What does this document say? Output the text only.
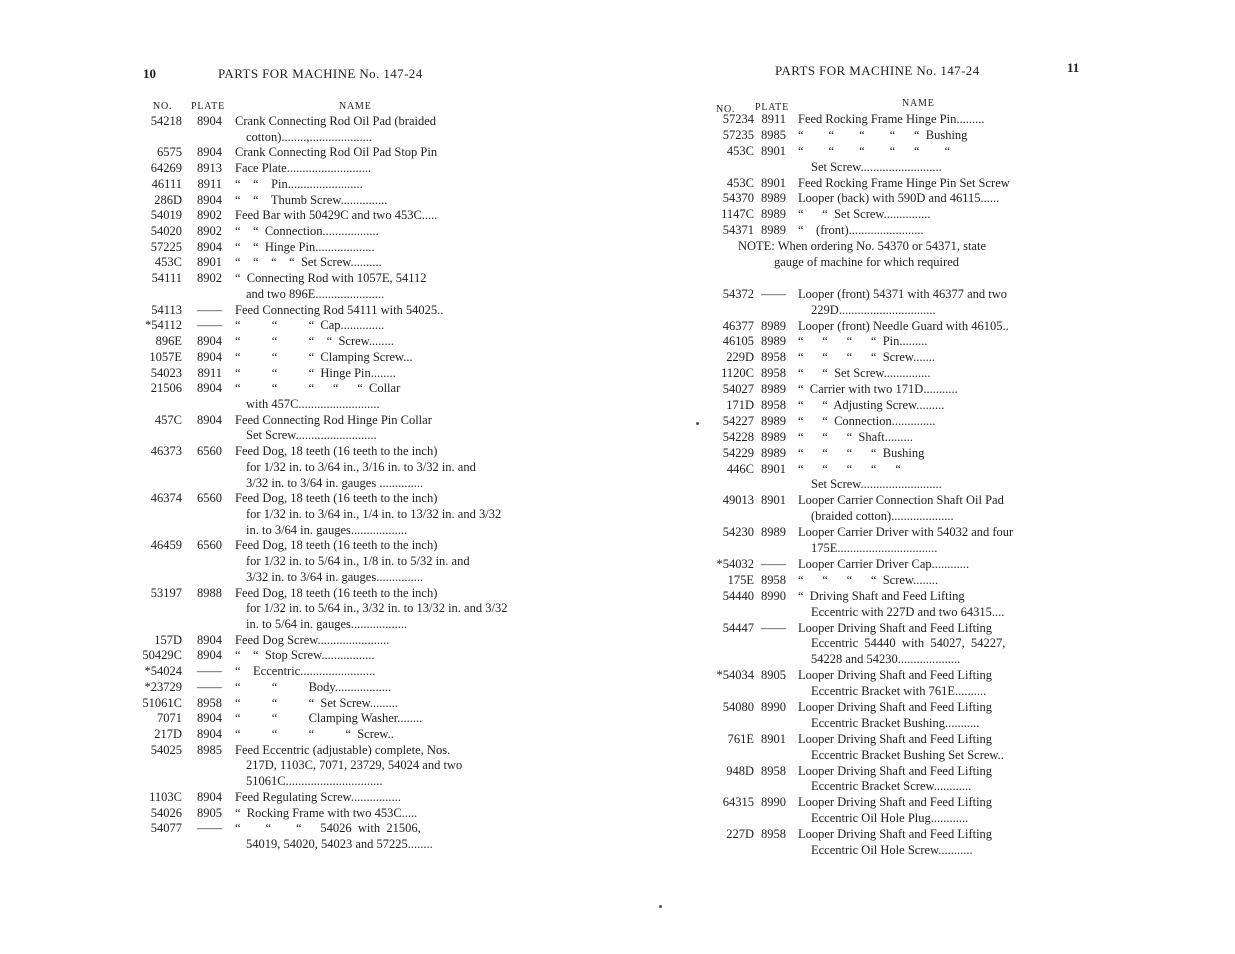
10	PARTS FOR MACHINE No. 147-24
NO. PLATE	NAME
54218 8904 Crank Connecting Rod Oil Pad (braided
cotton)........,....................
6575 8904 Crank Connecting Rod Oil Pad Stop Pin
64269 8913 Face Plate...........................
46111 8911 “    “    Pin........................
286D 8904 “    “    Thumb Screw...............
54019 8902 Feed Bar with 50429C and two 453C.....
54020 8902 “    “  Connection..................
57225 8904 “    “  Hinge Pin...................
453C 8901 “    “    “    “  Set Screw..........
54111 8902 “  Connecting Rod with 1057E, 54112
and two 896E......................
54113 —— Feed Connecting Rod 54111 with 54025..
*54112 —— “          “          “  Cap..............
896E 8904 “          “          “    “  Screw........
1057E 8904 “          “          “  Clamping Screw...
54023 8911 “          “          “  Hinge Pin........
21506 8904 “          “          “      “      “  Collar
with 457C..........................
457C 8904 Feed Connecting Rod Hinge Pin Collar
Set Screw..........................
46373 6560 Feed Dog, 18 teeth (16 teeth to the inch)
for 1/32 in. to 3/64 in., 3/16 in. to 3/32 in. and
3/32 in. to 3/64 in. gauges ..............
46374 6560 Feed Dog, 18 teeth (16 teeth to the inch)
for 1/32 in. to 3/64 in., 1/4 in. to 13/32 in. and 3/32
in. to 3/64 in. gauges..................
46459 6560 Feed Dog, 18 teeth (16 teeth to the inch)
for 1/32 in. to 5/64 in., 1/8 in. to 5/32 in. and
3/32 in. to 3/64 in. gauges...............
53197 8988 Feed Dog, 18 teeth (16 teeth to the inch)
for 1/32 in. to 5/64 in., 3/32 in. to 13/32 in. and 3/32
in. to 5/64 in. gauges..................
157D 8904 Feed Dog Screw.......................
50429C 8904 “    “  Stop Screw.................
*54024 —— “    Eccentric........................
*23729 —— “          “          Body..................
51061C 8958 “          “          “  Set Screw.........
7071 8904 “          “          Clamping Washer........
217D 8904 “          “          “          “  Screw..
54025 8985 Feed Eccentric (adjustable) complete, Nos.
217D, 1103C, 7071, 23729, 54024 and two
51061C...............................
1103C 8904 Feed Regulating Screw................
54026 8905 “  Rocking Frame with two 453C.....
54077 —— “        “        “      54026  with  21506,
54019, 54020, 54023 and 57225........
11
PARTS FOR MACHINE No. 147-24
NO. PLATE	NAME
57234 8911 Feed Rocking Frame Hinge Pin.........
57235 8985 “        “        “        “      “  Bushing
453C 8901 “        “        “        “      “        “
Set Screw..........................
453C 8901 Feed Rocking Frame Hinge Pin Set Screw
54370 8989 Looper (back) with 590D and 46115......
1147C 8989 “      “  Set Screw...............
54371 8989 “    (front)........................
NOTE: When ordering No. 54370 or 54371, state
gauge of machine for which required
54372 —— Looper (front) 54371 with 46377 and two
229D...............................
46377 8989 Looper (front) Needle Guard with 46105..
46105 8989 “      “      “      “  Pin.........
229D 8958 “      “      “      “  Screw.......
1120C 8958 “      “  Set Screw...............
54027 8989 “  Carrier with two 171D...........
171D 8958 “      “  Adjusting Screw.........
54227 8989 “      “  Connection..............
54228 8989 “      “      “  Shaft.........
54229 8989 “      “      “      “  Bushing
446C 8901 “      “      “      “      “
Set Screw..........................
49013 8901 Looper Carrier Connection Shaft Oil Pad
(braided cotton)....................
54230 8989 Looper Carrier Driver with 54032 and four
175E................................
*54032 —— Looper Carrier Driver Cap............
175E 8958 “      “      “      “  Screw........
54440 8990 “  Driving Shaft and Feed Lifting
Eccentric with 227D and two 64315....
54447 —— Looper Driving Shaft and Feed Lifting
Eccentric  54440  with  54027,  54227,
54228 and 54230....................
*54034 8905 Looper Driving Shaft and Feed Lifting
Eccentric Bracket with 761E..........
54080 8990 Looper Driving Shaft and Feed Lifting
Eccentric Bracket Bushing...........
761E 8901 Looper Driving Shaft and Feed Lifting
Eccentric Bracket Bushing Set Screw..
948D 8958 Looper Driving Shaft and Feed Lifting
Eccentric Bracket Screw............
64315 8990 Looper Driving Shaft and Feed Lifting
Eccentric Oil Hole Plug............
227D 8958 Looper Driving Shaft and Feed Lifting
Eccentric Oil Hole Screw...........
